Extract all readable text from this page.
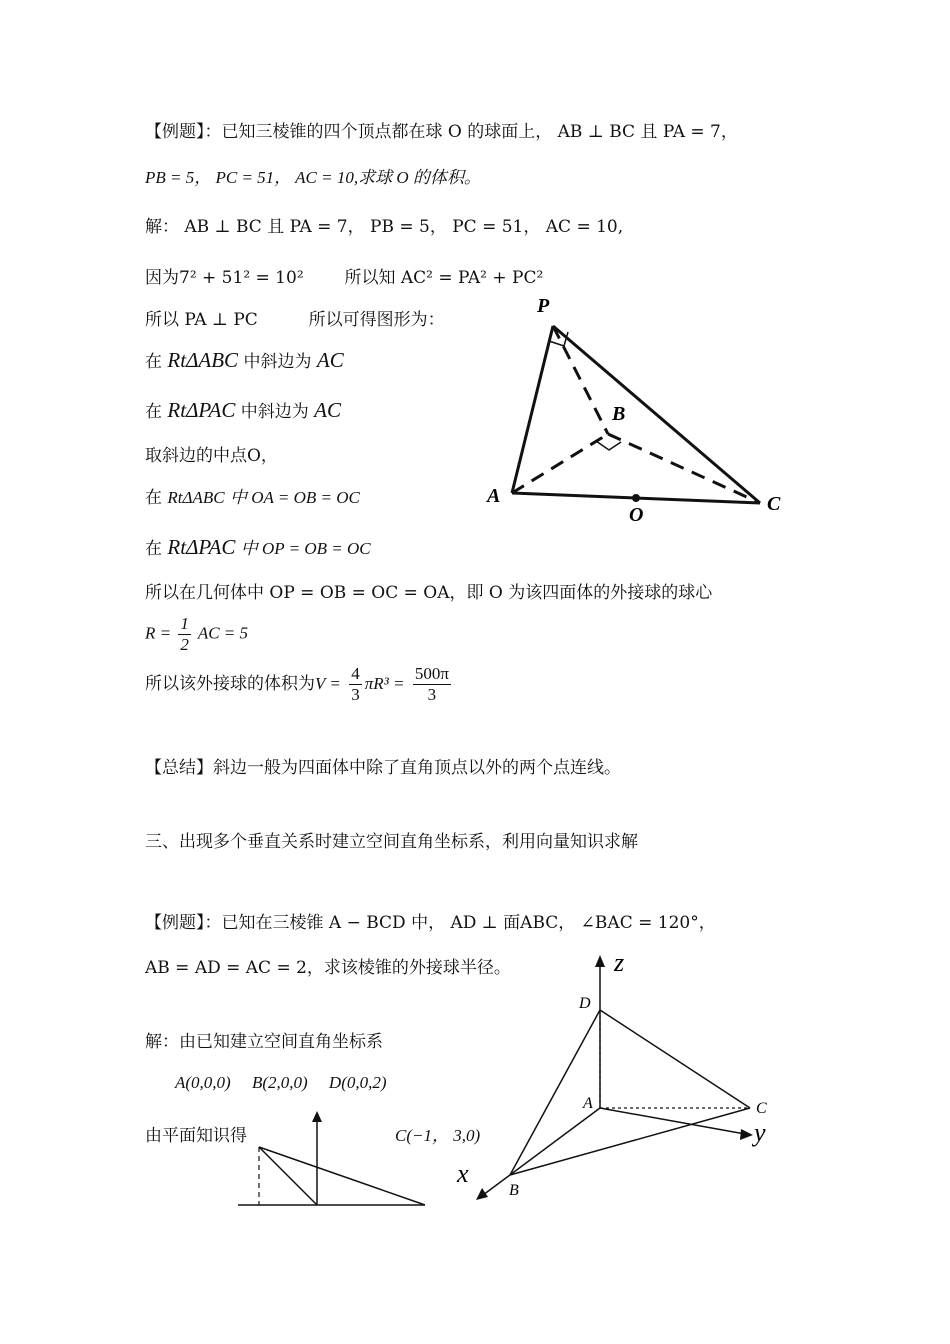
【例题】：已知三棱锥的四个顶点都在球 O 的球面上， AB ⊥ BC 且 PA = 7，
PB = 5， PC = 51， AC = 10,求球 O 的体积。
解： AB ⊥ BC 且 PA = 7， PB = 5， PC = 51， AC = 10,
因为7² + 51² = 10² 所以知 AC² = PA² + PC²
所以 PA ⊥ PC	所以可得图形为：
在 RtΔABC 中斜边为 AC
在 RtΔPAC 中斜边为 AC
取斜边的中点O，
在 RtΔABC 中 OA = OB = OC
在 RtΔPAC 中 OP = OB = OC
所以在几何体中 OP = OB = OC = OA，即 O 为该四面体的外接球的球心
$R = \frac{1}{2}$ AC = 5
所以该外接球的体积为$V = \frac{4}{3} \pi R^3 = \frac{500\pi}{3}$
【总结】斜边一般为四面体中除了直角顶点以外的两个点连线。
三、出现多个垂直关系时建立空间直角坐标系，利用向量知识求解
【例题】：已知在三棱锥 A − BCD 中， AD ⊥ 面ABC， ∠BAC = 120°，
AB = AD = AC = 2，求该棱锥的外接球半径。
解：由已知建立空间直角坐标系
A(0,0,0)     B(2,0,0)     D(0,0,2)
由平面知识得	C(−1， 3,0)
P
A
B
C
O
z
y
x
D
A	C
B
